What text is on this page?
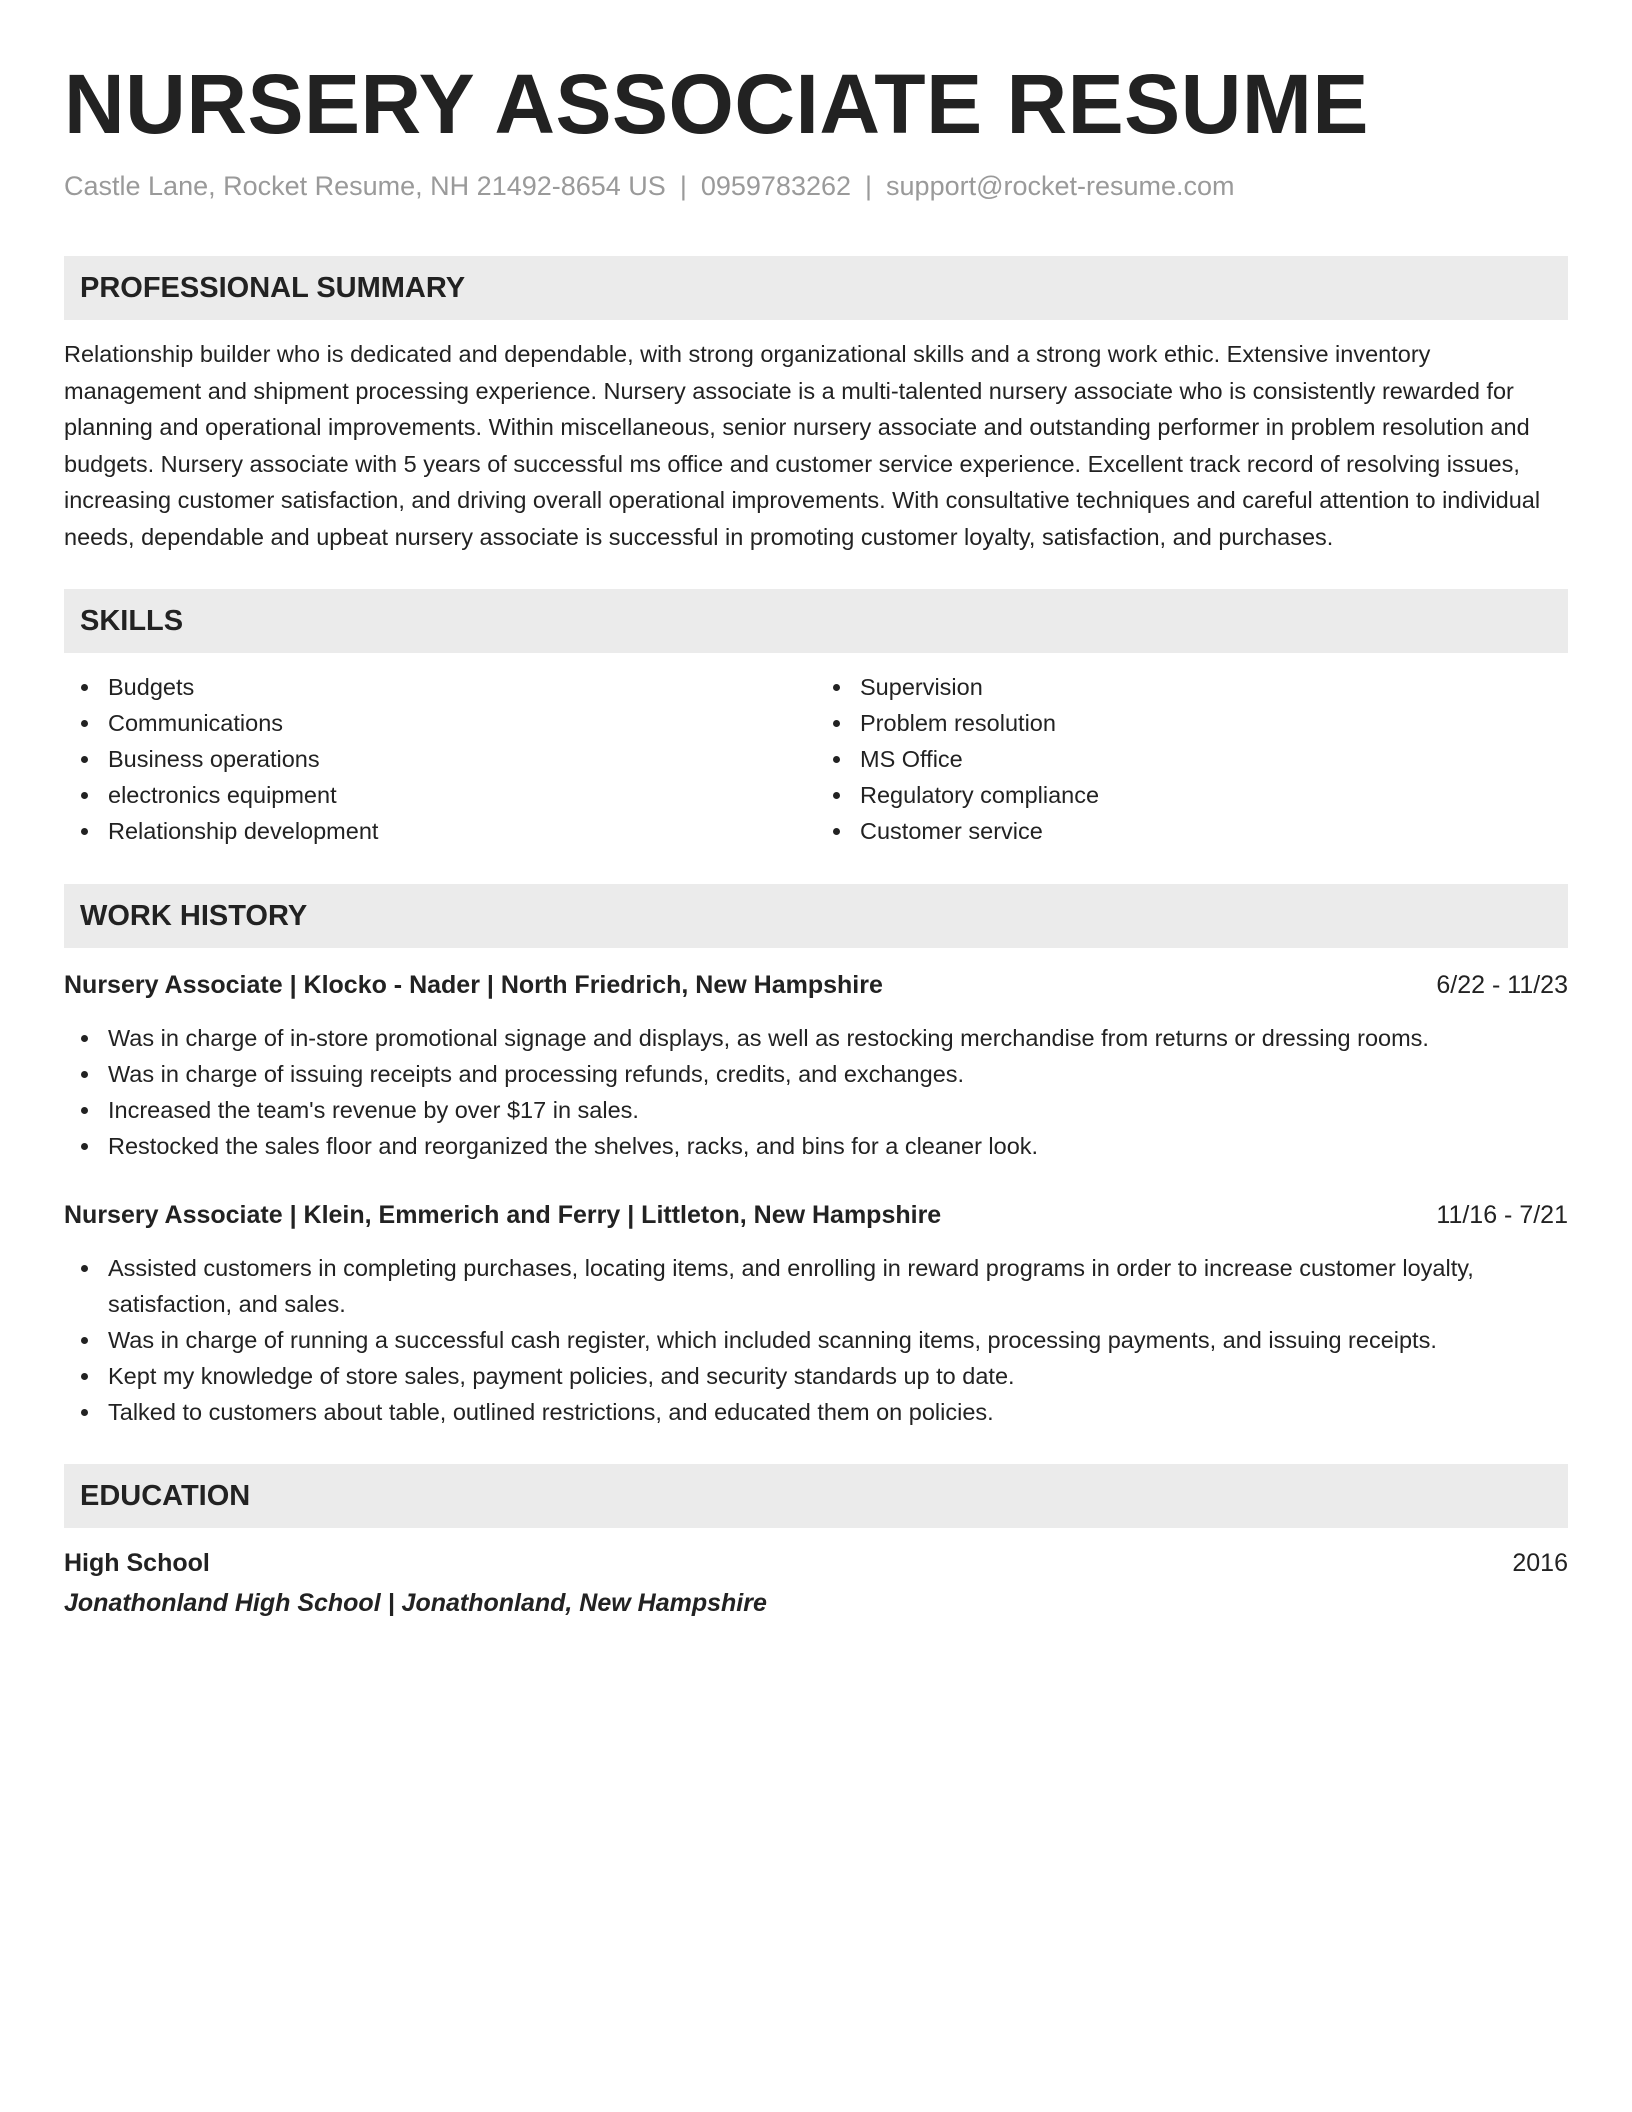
NURSERY ASSOCIATE RESUME
Castle Lane, Rocket Resume, NH 21492-8654 US | 0959783262 | support@rocket-resume.com
PROFESSIONAL SUMMARY

Relationship builder who is dedicated and dependable, with strong organizational skills and a strong work ethic. Extensive inventory management and shipment processing experience. Nursery associate is a multi-talented nursery associate who is consistently rewarded for planning and operational improvements. Within miscellaneous, senior nursery associate and outstanding performer in problem resolution and budgets. Nursery associate with 5 years of successful ms office and customer service experience. Excellent track record of resolving issues, increasing customer satisfaction, and driving overall operational improvements. With consultative techniques and careful attention to individual needs, dependable and upbeat nursery associate is successful in promoting customer loyalty, satisfaction, and purchases.

SKILLS
Budgets
Communications
Business operations
electronics equipment
Relationship development
Supervision
Problem resolution
MS Office
Regulatory compliance
Customer service
WORK HISTORY
Nursery Associate | Klocko - Nader | North Friedrich, New Hampshire	6/22 - 11/23
Was in charge of in-store promotional signage and displays, as well as restocking merchandise from returns or dressing rooms.
Was in charge of issuing receipts and processing refunds, credits, and exchanges.
Increased the team's revenue by over $17 in sales.
Restocked the sales floor and reorganized the shelves, racks, and bins for a cleaner look.
Nursery Associate | Klein, Emmerich and Ferry | Littleton, New Hampshire	11/16 - 7/21
Assisted customers in completing purchases, locating items, and enrolling in reward programs in order to increase customer loyalty, satisfaction, and sales.
Was in charge of running a successful cash register, which included scanning items, processing payments, and issuing receipts.
Kept my knowledge of store sales, payment policies, and security standards up to date.
Talked to customers about table, outlined restrictions, and educated them on policies.
EDUCATION
High School	2016
Jonathonland High School | Jonathonland, New Hampshire
